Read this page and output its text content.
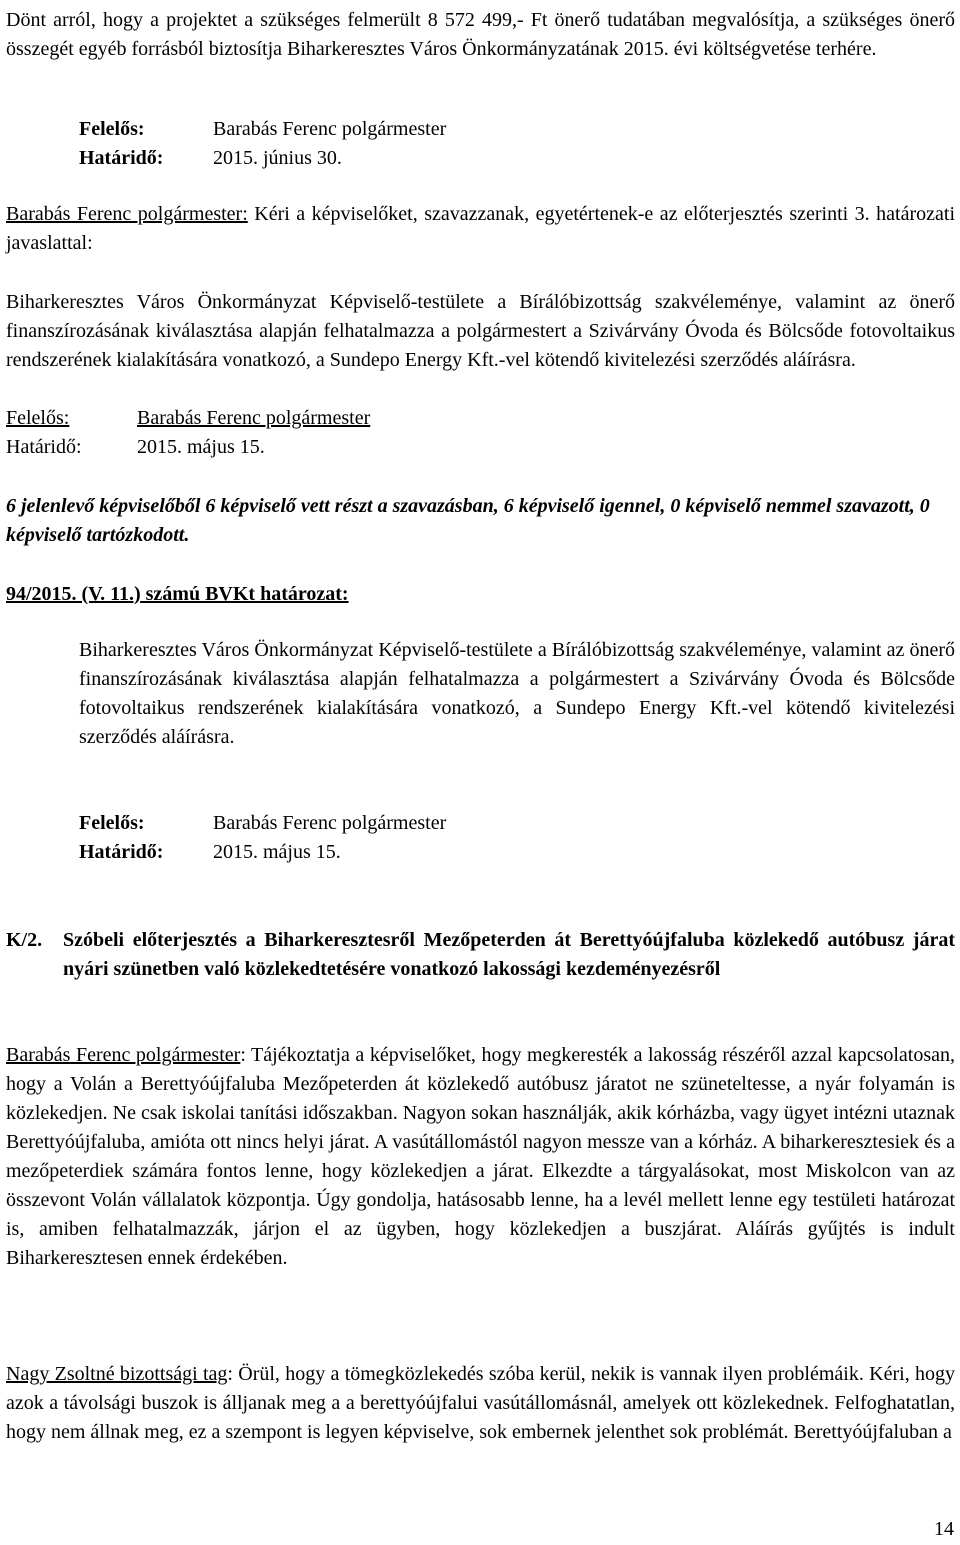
Dönt arról, hogy a projektet a szükséges felmerült 8 572 499,- Ft önerő tudatában megvalósítja, a szükséges önerő összegét egyéb forrásból biztosítja Biharkeresztes Város Önkormányzatának 2015. évi költségvetése terhére.

Felelős:	Barabás Ferenc polgármester

Határidő: 2015. június 30.

Barabás Ferenc polgármester: Kéri a képviselőket, szavazzanak, egyetértenek-e az előterjesztés szerinti 3. határozati javaslattal:

Biharkeresztes Város Önkormányzat Képviselő-testülete a Bírálóbizottság szakvéleménye, valamint az önerő finanszírozásának kiválasztása alapján felhatalmazza a polgármestert a Szivárvány Óvoda és Bölcsőde fotovoltaikus rendszerének kialakítására vonatkozó, a Sundepo Energy Kft.-vel kötendő kivitelezési szerződés aláírásra.

Felelős:	Barabás Ferenc polgármester

Határidő:	2015. május 15.

6 jelenlevő képviselőből 6 képviselő vett részt a szavazásban, 6 képviselő igennel, 0 képviselő nemmel szavazott, 0 képviselő tartózkodott.

94/2015. (V. 11.) számú BVKt határozat:

Biharkeresztes Város Önkormányzat Képviselő-testülete a Bírálóbizottság szakvéleménye, valamint az önerő finanszírozásának kiválasztása alapján felhatalmazza a polgármestert a Szivárvány Óvoda és Bölcsőde fotovoltaikus rendszerének kialakítására vonatkozó, a Sundepo Energy Kft.-vel kötendő kivitelezési szerződés aláírásra.

Felelős:	Barabás Ferenc polgármester

Határidő: 2015. május 15.

K/2. Szóbeli előterjesztés a Biharkeresztesről Mezőpeterden át Berettyóújfaluba közlekedő autóbusz járat nyári szünetben való közlekedtetésére vonatkozó lakossági kezdeményezésről

Barabás Ferenc polgármester: Tájékoztatja a képviselőket, hogy megkeresték a lakosság részéről azzal kapcsolatosan, hogy a Volán a Berettyóújfaluba Mezőpeterden át közlekedő autóbusz járatot ne szüneteltesse, a nyár folyamán is közlekedjen. Ne csak iskolai tanítási időszakban. Nagyon sokan használják, akik kórházba, vagy ügyet intézni utaznak Berettyóújfaluba, amióta ott nincs helyi járat. A vasútállomástól nagyon messze van a kórház. A biharkeresztesiek és a mezőpeterdiek számára fontos lenne, hogy közlekedjen a járat. Elkezdte a tárgyalásokat, most Miskolcon van az összevont Volán vállalatok központja. Úgy gondolja, hatásosabb lenne, ha a levél mellett lenne egy testületi határozat is, amiben felhatalmazzák, járjon el az ügyben, hogy közlekedjen a buszjárat. Aláírás gyűjtés is indult Biharkeresztesen ennek érdekében.

Nagy Zsoltné bizottsági tag: Örül, hogy a tömegközlekedés szóba kerül, nekik is vannak ilyen problémáik. Kéri, hogy azok a távolsági buszok is álljanak meg a a berettyóújfalui vasútállomásnál, amelyek ott közlekednek. Felfoghatatlan, hogy nem állnak meg, ez a szempont is legyen képviselve, sok embernek jelenthet sok problémát. Berettyóújfaluban a

14
